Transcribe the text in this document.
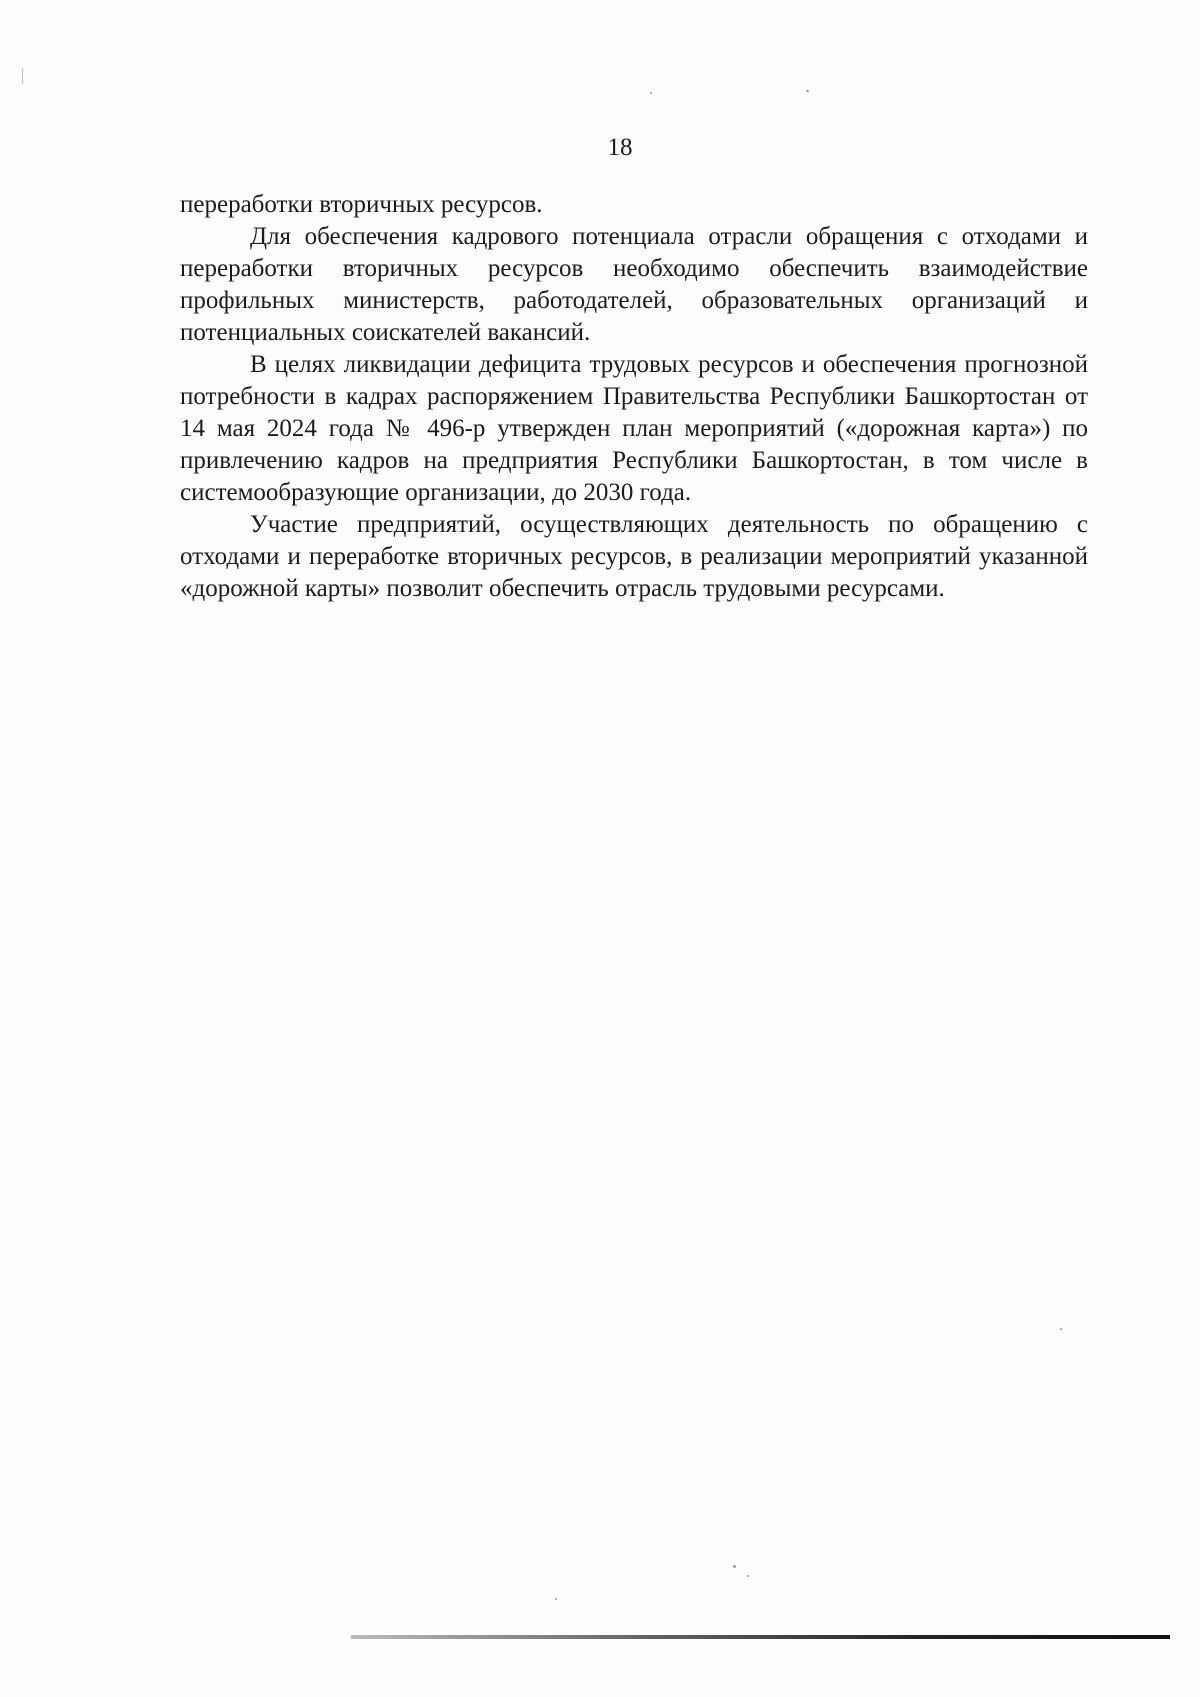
18

переработки вторичных ресурсов.

Для обеспечения кадрового потенциала отрасли обращения с отходами и переработки вторичных ресурсов необходимо обеспечить взаимодействие профильных министерств, работодателей, образовательных организаций и потенциальных соискателей вакансий.

В целях ликвидации дефицита трудовых ресурсов и обеспечения прогнозной потребности в кадрах распоряжением Правительства Республики Башкортостан от 14 мая 2024 года № 496-р утвержден план мероприятий («дорожная карта») по привлечению кадров на предприятия Республики Башкортостан, в том числе в системообразующие организации, до 2030 года.

Участие предприятий, осуществляющих деятельность по обращению с отходами и переработке вторичных ресурсов, в реализации мероприятий указанной «дорожной карты» позволит обеспечить отрасль трудовыми ресурсами.
